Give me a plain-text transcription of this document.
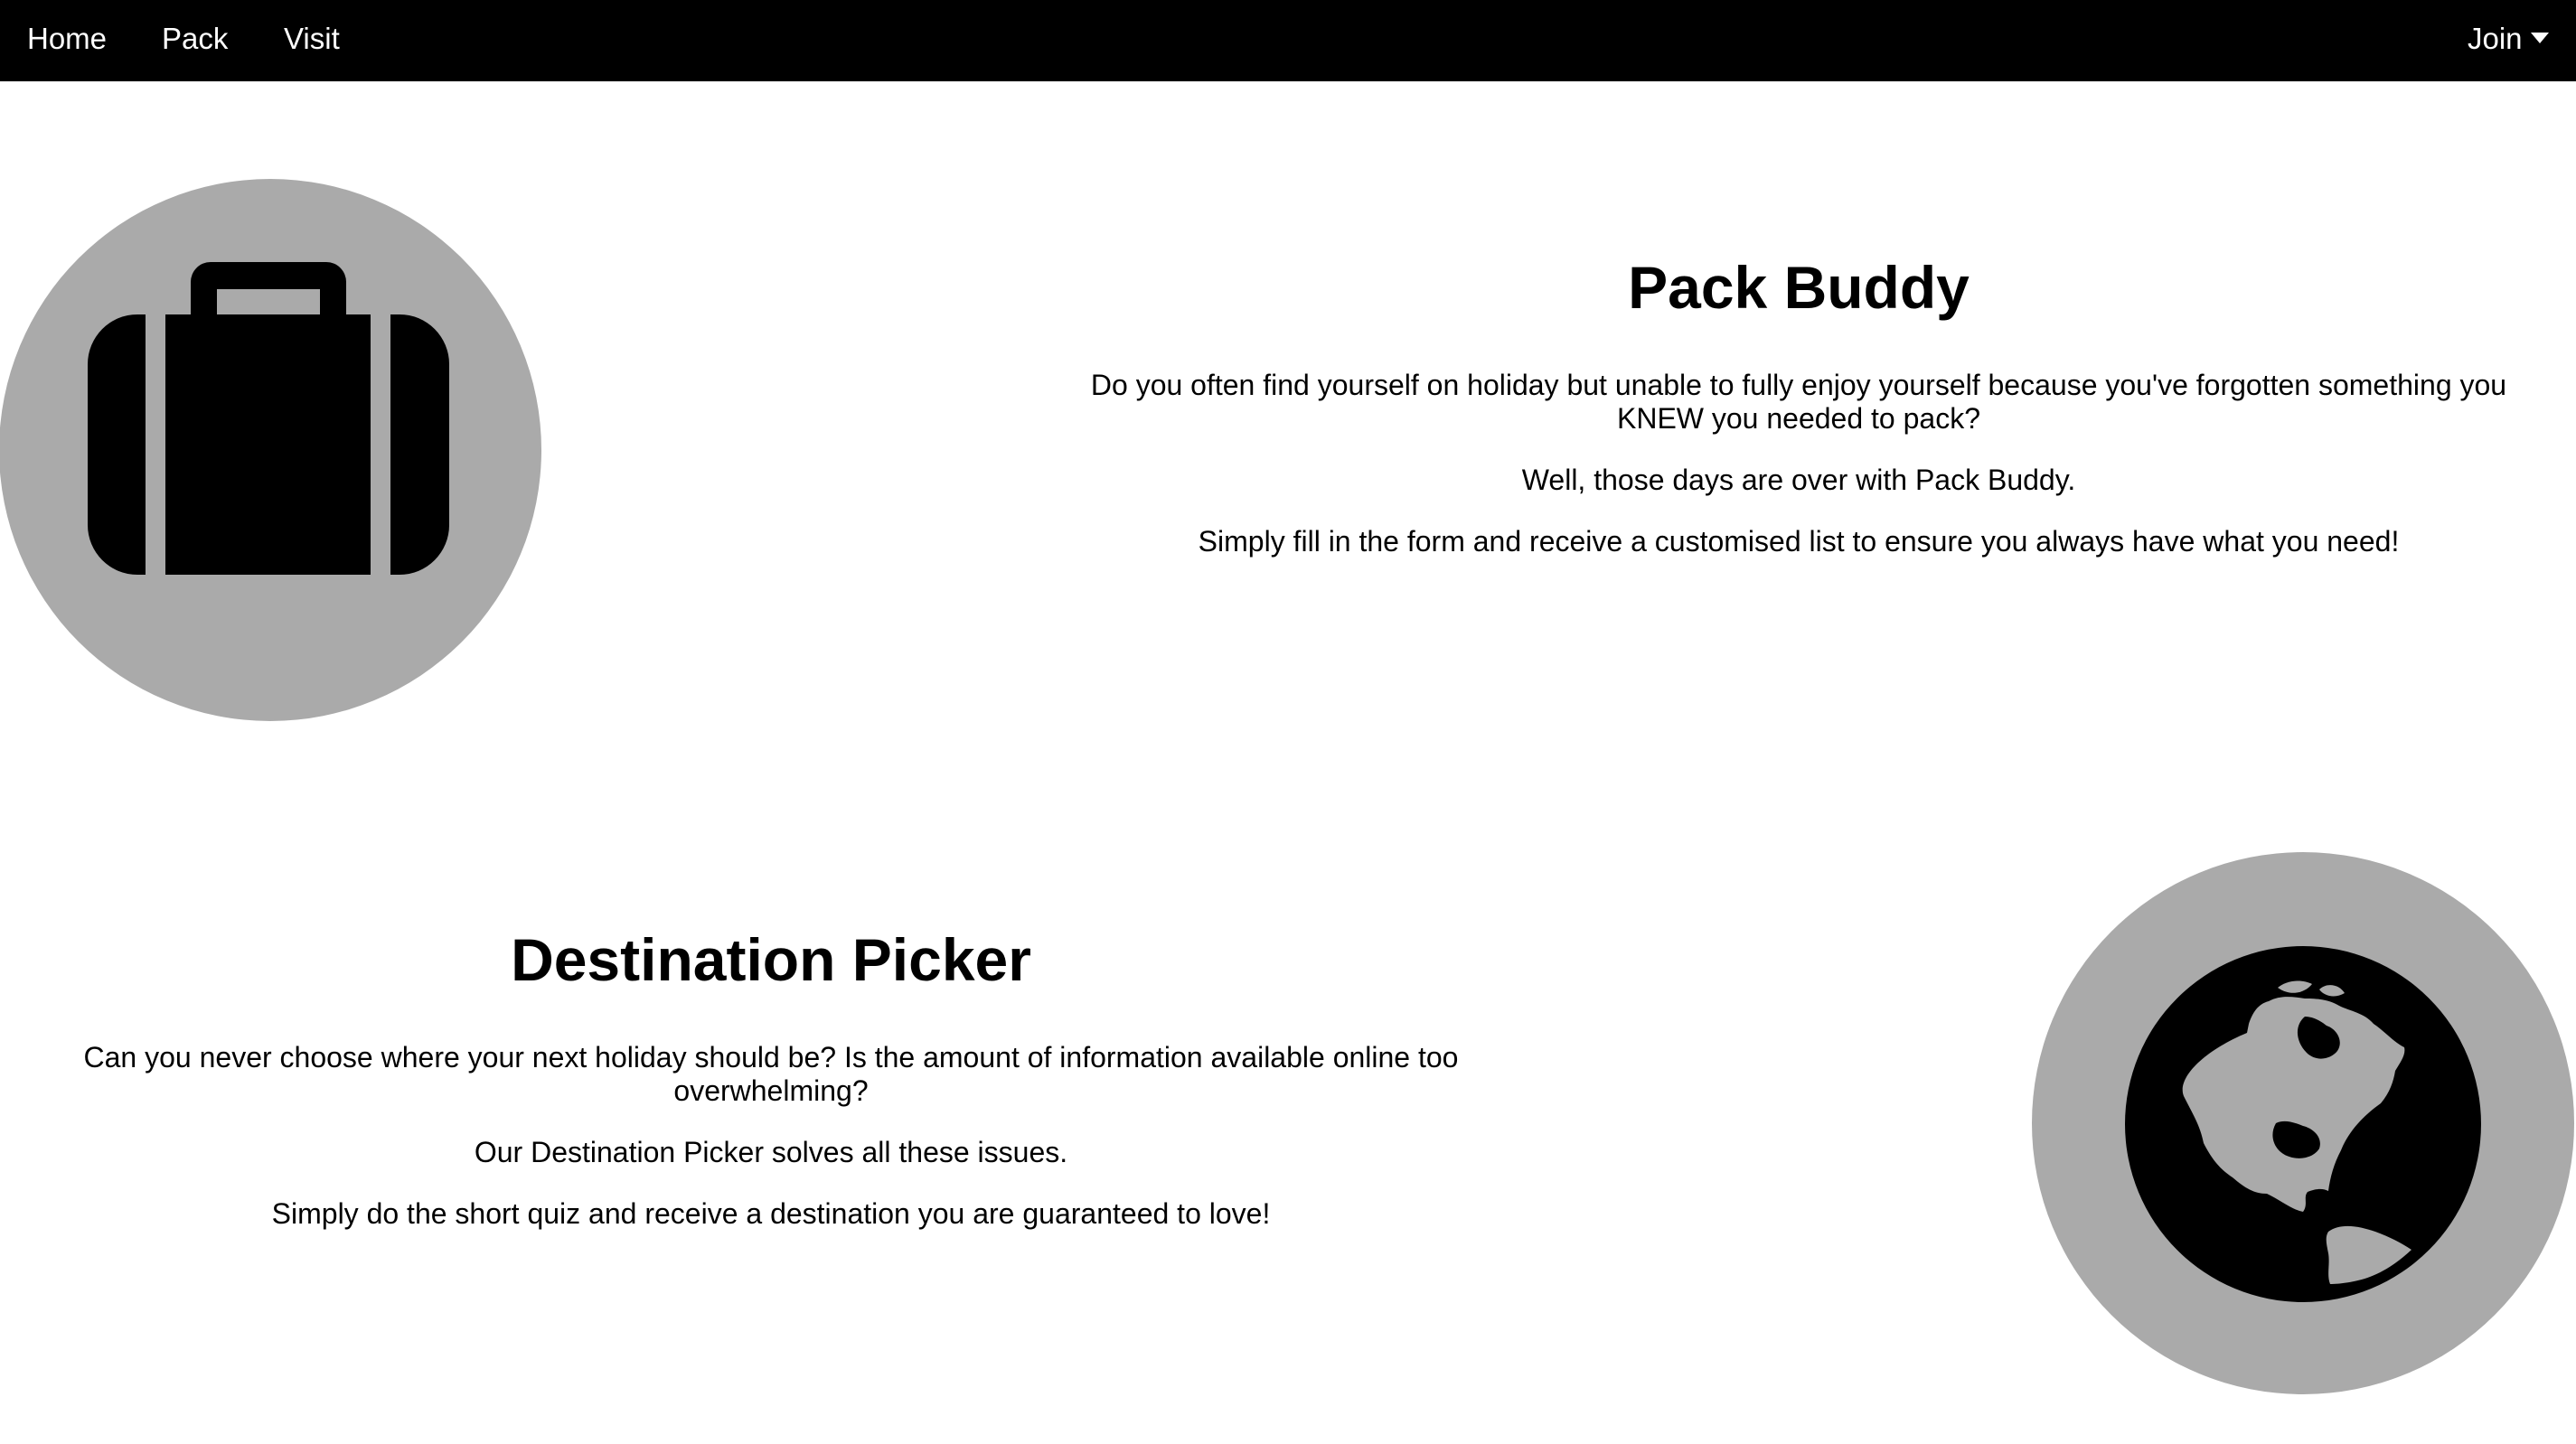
Home Pack Visit	Join
Pack Buddy

Do you often find yourself on holiday but unable to fully enjoy yourself because you've forgotten something you KNEW you needed to pack?

Well, those days are over with Pack Buddy.

Simply fill in the form and receive a customised list to ensure you always have what you need!

Destination Picker

Can you never choose where your next holiday should be? Is the amount of information available online too overwhelming?

Our Destination Picker solves all these issues.

Simply do the short quiz and receive a destination you are guaranteed to love!
